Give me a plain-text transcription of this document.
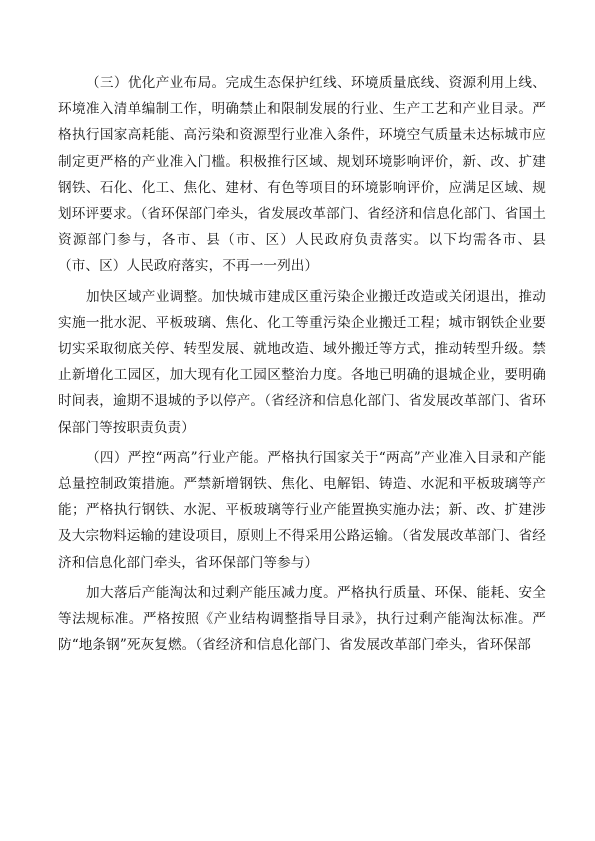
（三）优化产业布局。完成生态保护红线、环境质量底线、资源利用上线、环境准入清单编制工作，明确禁止和限制发展的行业、生产工艺和产业目录。严格执行国家高耗能、高污染和资源型行业准入条件，环境空气质量未达标城市应制定更严格的产业准入门槛。积极推行区域、规划环境影响评价，新、改、扩建钢铁、石化、化工、焦化、建材、有色等项目的环境影响评价，应满足区域、规划环评要求。（省环保部门牵头，省发展改革部门、省经济和信息化部门、省国土资源部门参与，各市、县（市、区）人民政府负责落实。以下均需各市、县（市、区）人民政府落实，不再一一列出）

加快区域产业调整。加快城市建成区重污染企业搬迁改造或关闭退出，推动实施一批水泥、平板玻璃、焦化、化工等重污染企业搬迁工程；城市钢铁企业要切实采取彻底关停、转型发展、就地改造、域外搬迁等方式，推动转型升级。禁止新增化工园区，加大现有化工园区整治力度。各地已明确的退城企业，要明确时间表，逾期不退城的予以停产。（省经济和信息化部门、省发展改革部门、省环保部门等按职责负责）

（四）严控“两高”行业产能。严格执行国家关于“两高”产业准入目录和产能总量控制政策措施。严禁新增钢铁、焦化、电解铝、铸造、水泥和平板玻璃等产能；严格执行钢铁、水泥、平板玻璃等行业产能置换实施办法；新、改、扩建涉及大宗物料运输的建设项目，原则上不得采用公路运输。（省发展改革部门、省经济和信息化部门牵头，省环保部门等参与）

加大落后产能淘汰和过剩产能压减力度。严格执行质量、环保、能耗、安全等法规标准。严格按照《产业结构调整指导目录》，执行过剩产能淘汰标准。严防“地条钢”死灰复燃。（省经济和信息化部门、省发展改革部门牵头，省环保部
